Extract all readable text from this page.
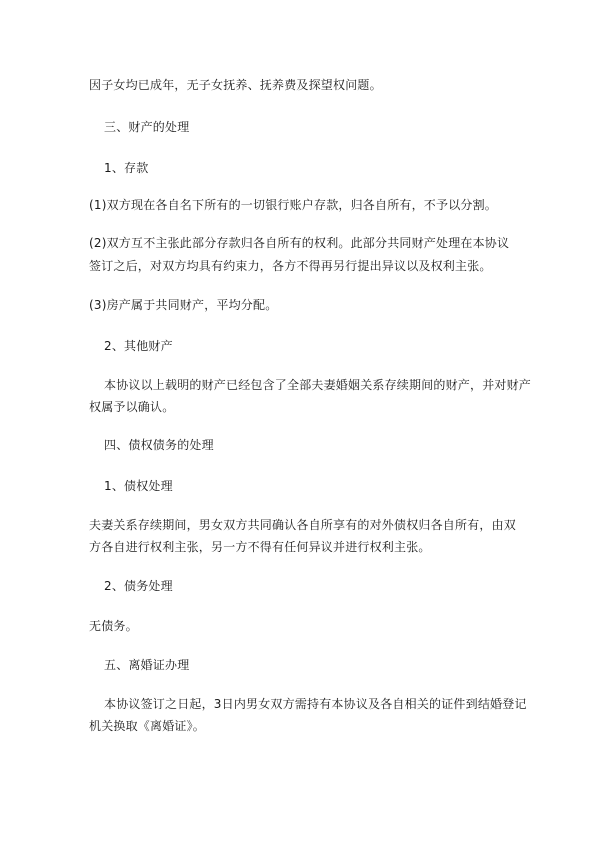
因子女均已成年，无子女抚养、抚养费及探望权问题。
三、财产的处理
1、存款
(1)双方现在各自名下所有的一切银行账户存款，归各自所有，不予以分割。
(2)双方互不主张此部分存款归各自所有的权利。此部分共同财产处理在本协议
签订之后，对双方均具有约束力，各方不得再另行提出异议以及权利主张。
(3)房产属于共同财产，平均分配。
2、其他财产
本协议以上载明的财产已经包含了全部夫妻婚姻关系存续期间的财产，并对财产
权属予以确认。
四、债权债务的处理
1、债权处理
夫妻关系存续期间，男女双方共同确认各自所享有的对外债权归各自所有，由双
方各自进行权利主张，另一方不得有任何异议并进行权利主张。
2、债务处理
无债务。
五、离婚证办理
本协议签订之日起，3日内男女双方需持有本协议及各自相关的证件到结婚登记
机关换取《离婚证》。
